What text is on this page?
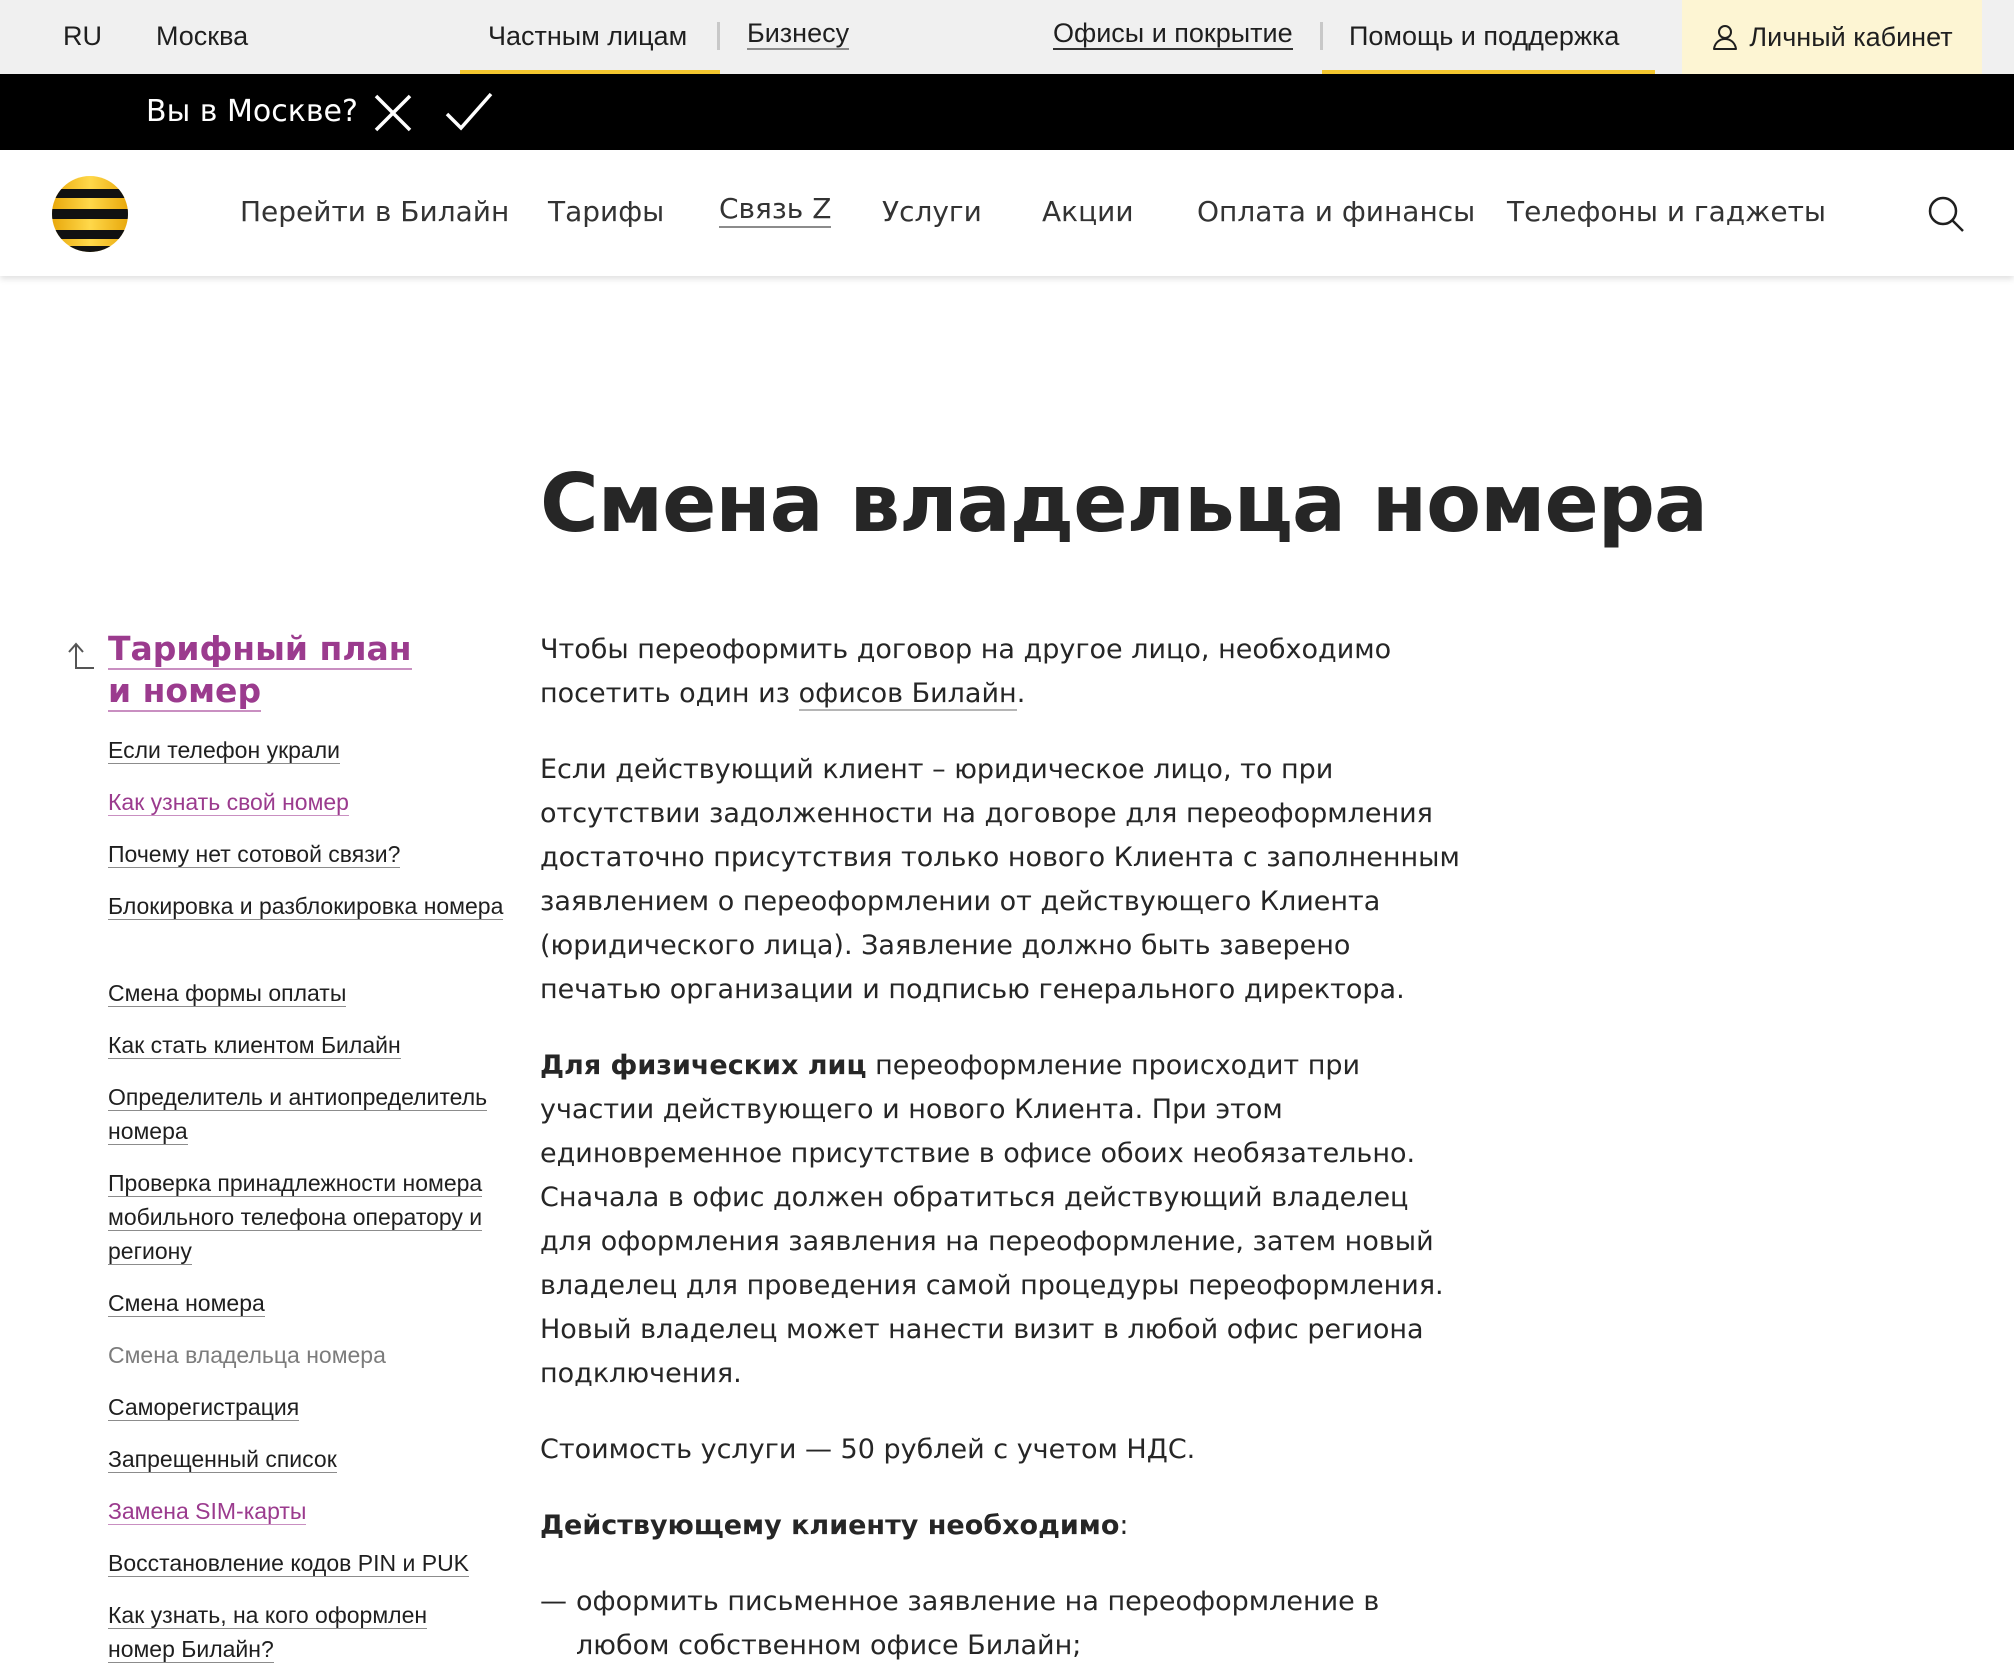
RU Москва	Частным лицам Бизнесу	Офисы и покрытие Помощь и поддержка	Личный кабинет
Вы в Москве?
Перейти в Билайн Тарифы Связь Z Услуги Акции Оплата и финансы Телефоны и гаджеты
Смена владельца номера
Тарифный план и номер
Если телефон украли
Как узнать свой номер
Почему нет сотовой связи?
Блокировка и разблокировка номера
Смена формы оплаты
Как стать клиентом Билайн
Определитель и антиопределитель номера
Проверка принадлежности номера мобильного телефона оператору и региону
Смена номера
Смена владельца номера
Саморегистрация
Запрещенный список
Замена SIM-карты
Восстановление кодов PIN и PUK
Как узнать, на кого оформлен номер Билайн?

Чтобы переоформить договор на другое лицо, необходимо посетить один из офисов Билайн.

Если действующий клиент – юридическое лицо, то при отсутствии задолженности на договоре для переоформления достаточно присутствия только нового Клиента с заполненным заявлением о переоформлении от действующего Клиента (юридического лица). Заявление должно быть заверено печатью организации и подписью генерального директора.

Для физических лиц переоформление происходит при участии действующего и нового Клиента. При этом единовременное присутствие в офисе обоих необязательно. Сначала в офис должен обратиться действующий владелец для оформления заявления на переоформление, затем новый владелец для проведения самой процедуры переоформления. Новый владелец может нанести визит в любой офис региона подключения.

Стоимость услуги — 50 рублей с учетом НДС.

Действующему клиенту необходимо:

— оформить письменное заявление на переоформление в любом собственном офисе Билайн;
